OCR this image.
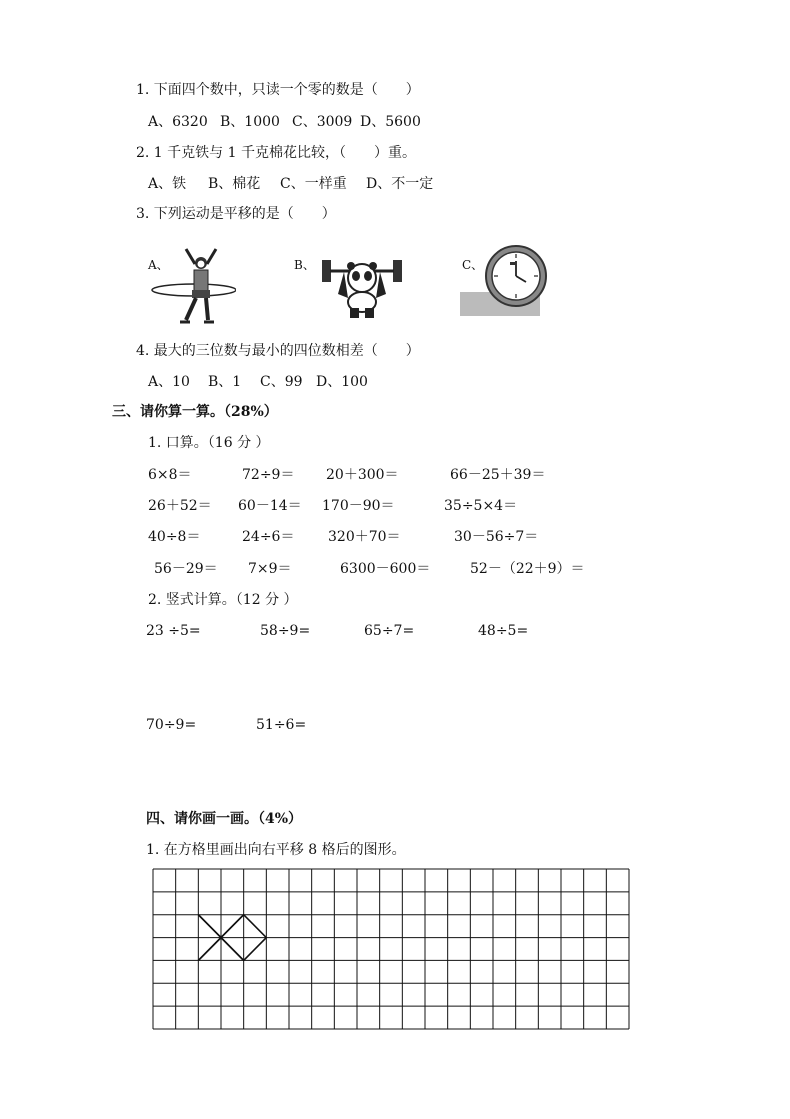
1. 下面四个数中，只读一个零的数是（　　）
A、6320 B、1000 C、3009 D、5600
2. 1 千克铁与 1 千克棉花比较，（　　）重。
A、铁 B、棉花 C、一样重 D、不一定
3. 下列运动是平移的是（　　）
A、	B、	C、
4. 最大的三位数与最小的四位数相差（　　）
A、10 B、1 C、99 D、100
三、请你算一算。（28%）
1. 口算。（16 分 ）
6×8＝	72÷9＝ 20＋300＝	66－25＋39＝
26＋52＝ 60－14＝ 170－90＝	35÷5×4＝
40÷8＝	24÷6＝ 320＋70＝	30－56÷7＝
56－29＝ 7×9＝	6300－600＝	52－（22＋9）＝
2. 竖式计算。（12 分 ）
23 ÷5=	58÷9=	65÷7=	48÷5=
70÷9=	51÷6=
四、请你画一画。（4%）
1. 在方格里画出向右平移 8 格后的图形。
